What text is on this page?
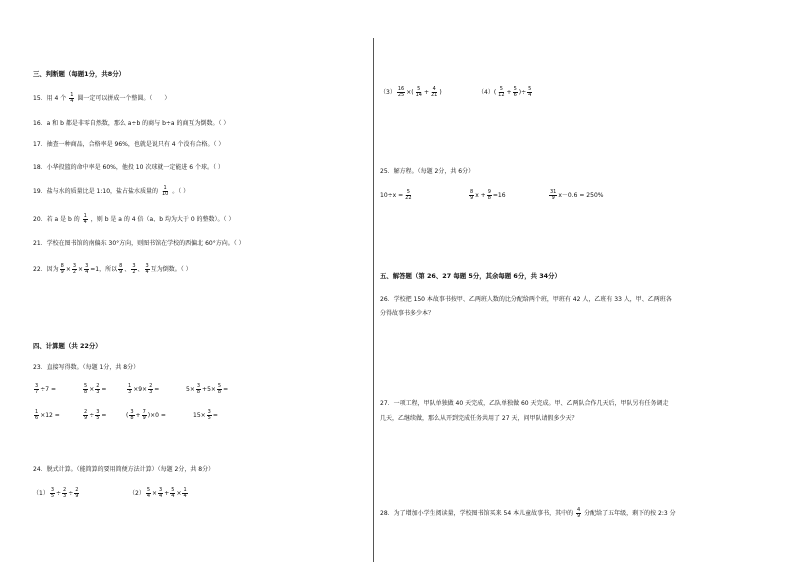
三、判断题（每题1分，共8分）
15．用 4 个 $\frac{1}{4}$ 圆一定可以拼成一个整圆。（ ）
16．a 和 b 都是非零自然数，那么 a÷b 的商与 b÷a 的商互为倒数。（ ）
17．抽查一种商品，合格率是 96%，也就是说只有 4 个没有合格。（ ）
18．小华投篮的命中率是 60%，他投 10 次球就一定能进 6 个球。（ ）
19．盐与水的质量比是 1:10，盐占盐水质量的 $\frac{1}{10}$ 。（ ）
20．若 a 是 b 的 $\frac{1}{4}$ ，则 b 是 a 的 4 倍（a、b 均为大于 0 的整数）。（ ）
21．学校在图书馆的南偏东 30°方向，则图书馆在学校的西偏北 60°方向。（ ）
22．因为 $\frac{8}{9} \times \frac{3}{2} \times \frac{3}{4} =1$，所以 $\frac{8}{9}$ 、 $\frac{3}{2}$ 、 $\frac{3}{4}$ 互为倒数。（ ）
四、计算题（共 22分）
23．直接写得数。（每题 1分，共 8分）
$\frac{3}{7} \div 7$ =	$\frac{5}{8} \times \frac{2}{3}$ =	$\frac{1}{3} \times 9\times \frac{2}{3}$ =	$5\times \frac{3}{8} +5\times \frac{5}{8}$ =
$\frac{1}{6} \times 12$ =	$\frac{2}{9} \div \frac{3}{5}$ =	( $\frac{3}{8} + \frac{7}{9} )\times 0$ =	$15\times \frac{3}{5}$ =
24．脱式计算。（能简算的要用简便方法计算）（每题 2分，共 8分）
$(1) \frac{3}{5} \div \frac{2}{3} \div \frac{2}{9}$	$(2) \frac{5}{4} \times \frac{3}{4} + \frac{5}{4} \times \frac{1}{4}$
$(3) \frac{16}{25}$ ×( $\frac{5}{14} + \frac{4}{21}$ )	$(4)( \frac{5}{12} + \frac{5}{6}$ )÷ $\frac{5}{4}$
25．解方程。（每题 2分，共 6分）
$10\div x = \frac{5}{22}$	$\frac{8}{9}$ $x + \frac{9}{8} =16$	$\frac{31}{9} x-0.6 = 250\%$
五、解答题（第 26、27 每题 5分，其余每题 6分，共 34分）
26．学校把 150 本故事书按甲、乙两班人数的比分配给两个班，甲班有 42 人，乙班有 33 人，甲、乙两班各
分得故事书多少本？
27．一项工程，甲队单独做 40 天完成，乙队单独做 60 天完成。甲、乙两队合作几天后，甲队另有任务调走
几天，乙继续做，那么从开到完成任务共用了 27 天，问甲队请假多少天？
28．为了增加小学生阅读量，学校图书馆买来 54 本儿童故事书，其中的 $\frac{4}{9}$ 分配给了五年级，剩下的按 2:3 分
